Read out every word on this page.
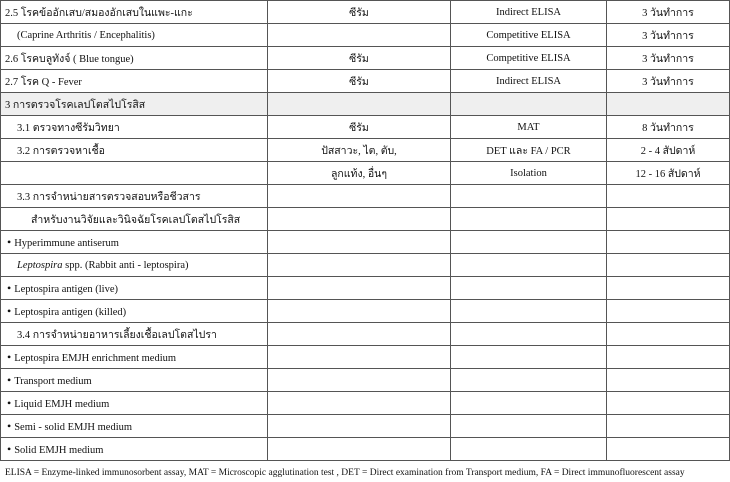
2.5 โรคข้ออักเสบ/สมองอักเสบในแพะ-แกะ	ซีรัม	Indirect ELISA	3 วันทำการ
(Caprine Arthritis / Encephalitis)		Competitive ELISA	3 วันทำการ
2.6 โรคบลูทังจ์ ( Blue tongue)	ซีรัม	Competitive ELISA	3 วันทำการ
2.7 โรค Q - Fever	ซีรัม	Indirect ELISA	3 วันทำการ
3 การตรวจโรคเลปโตสไปโรสิส			
3.1 ตรวจทางซีรัมวิทยา	ซีรัม	MAT	8 วันทำการ
3.2 การตรวจหาเชื้อ	ปัสสาวะ, ไต, ตับ,	DET และ FA / PCR	2 - 4 สัปดาห์
	ลูกแท้ง, อื่นๆ	Isolation	12 - 16 สัปดาห์
3.3 การจำหน่ายสารตรวจสอบหรือชีวสาร			
สำหรับงานวิจัยและวินิจฉัยโรคเลปโตสไปโรสิส			
• Hyperimmune antiserum			
Leptospira spp. (Rabbit anti - leptospira)			
• Leptospira antigen (live)			
• Leptospira antigen (killed)			
3.4 การจำหน่ายอาหารเลี้ยงเชื้อเลปโตสไปรา			
• Leptospira EMJH enrichment medium			
• Transport medium			
• Liquid EMJH medium			
• Semi - solid EMJH medium			
• Solid EMJH medium			
ELISA = Enzyme-linked immunosorbent assay, MAT = Microscopic agglutination test , DET = Direct examination from Transport medium, FA = Direct immunofluorescent assay
